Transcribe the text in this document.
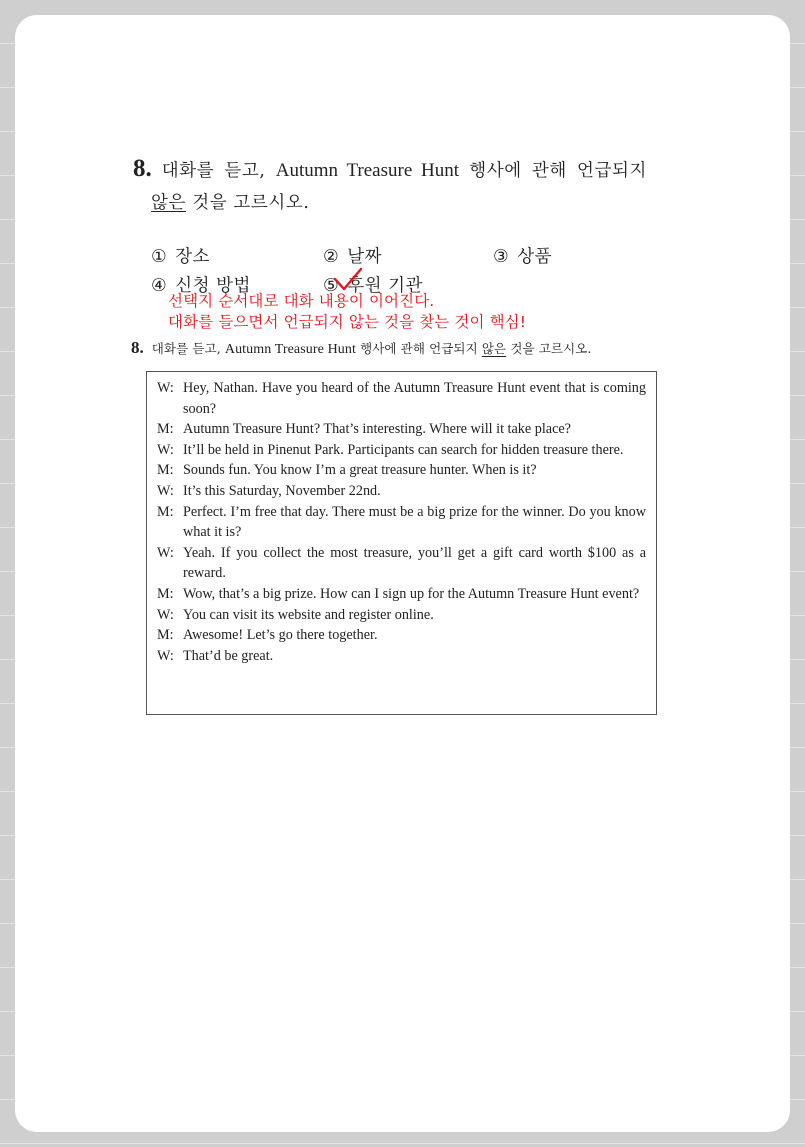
8. 대화를 듣고, Autumn Treasure Hunt 행사에 관해 언급되지
않은 것을 고르시오.
① 장소	② 날짜	③ 상품
④ 신청 방법	⑤ 후원 기관
선택지 순서대로 대화 내용이 이어진다.
대화를 들으면서 언급되지 않는 것을 찾는 것이 핵심!
8. 대화를 듣고, Autumn Treasure Hunt 행사에 관해 언급되지 않은 것을 고르시오.
W: Hey, Nathan. Have you heard of the Autumn Treasure Hunt event that is coming soon?
M: Autumn Treasure Hunt? That’s interesting. Where will it take place?
W: It’ll be held in Pinenut Park. Participants can search for hidden treasure there.
M: Sounds fun. You know I’m a great treasure hunter. When is it?
W: It’s this Saturday, November 22nd.
M: Perfect. I’m free that day. There must be a big prize for the winner. Do you know what it is?
W: Yeah. If you collect the most treasure, you’ll get a gift card worth $100 as a reward.
M: Wow, that’s a big prize. How can I sign up for the Autumn Treasure Hunt event?
W: You can visit its website and register online.
M: Awesome! Let’s go there together.
W: That’d be great.
